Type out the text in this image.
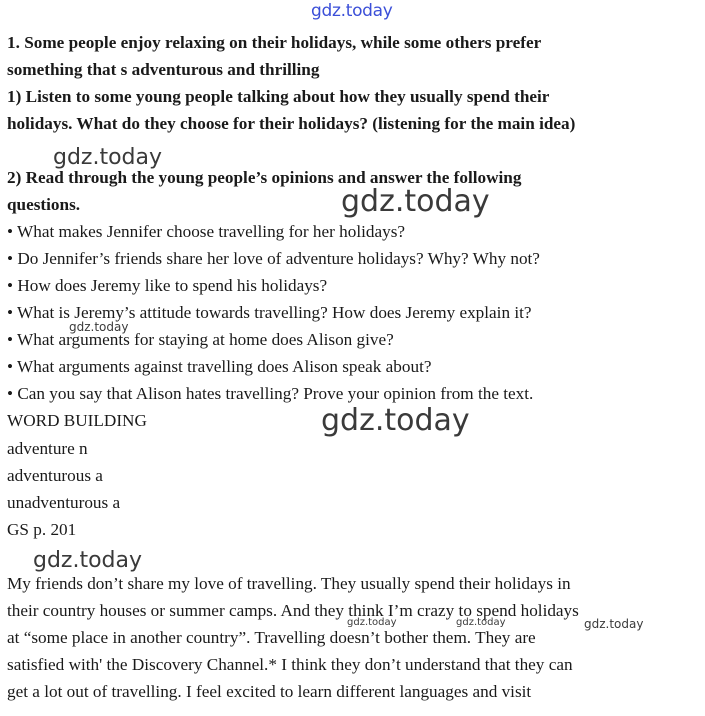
gdz.today
1. Some people enjoy relaxing on their holidays, while some others prefer
something that s adventurous and thrilling
1) Listen to some young people talking about how they usually spend their
holidays. What do they choose for their holidays? (listening for the main idea)
gdz.today
2) Read through the young people’s opinions and answer the following
questions.	gdz.today
• What makes Jennifer choose travelling for her holidays?
• Do Jennifer’s friends share her love of adventure holidays? Why? Why not?
• How does Jeremy like to spend his holidays?
• What is Jeremy’s attitude towards travelling? How does Jeremy explain it?
gdz.today
• What arguments for staying at home does Alison give?
• What arguments against travelling does Alison speak about?
• Can you say that Alison hates travelling? Prove your opinion from the text.
WORD BUILDING	gdz.today
adventure n
adventurous a
unadventurous a
GS p. 201
gdz.today
My friends don’t share my love of travelling. They usually spend their holidays in
their country houses or summer camps. And they think I’m crazy to spend holidays
gdz.today	gdz.today	gdz.today
at “some place in another country”. Travelling doesn’t bother them. They are
satisfied with' the Discovery Channel.* I think they don’t understand that they can
get a lot out of travelling. I feel excited to learn different languages and visit
